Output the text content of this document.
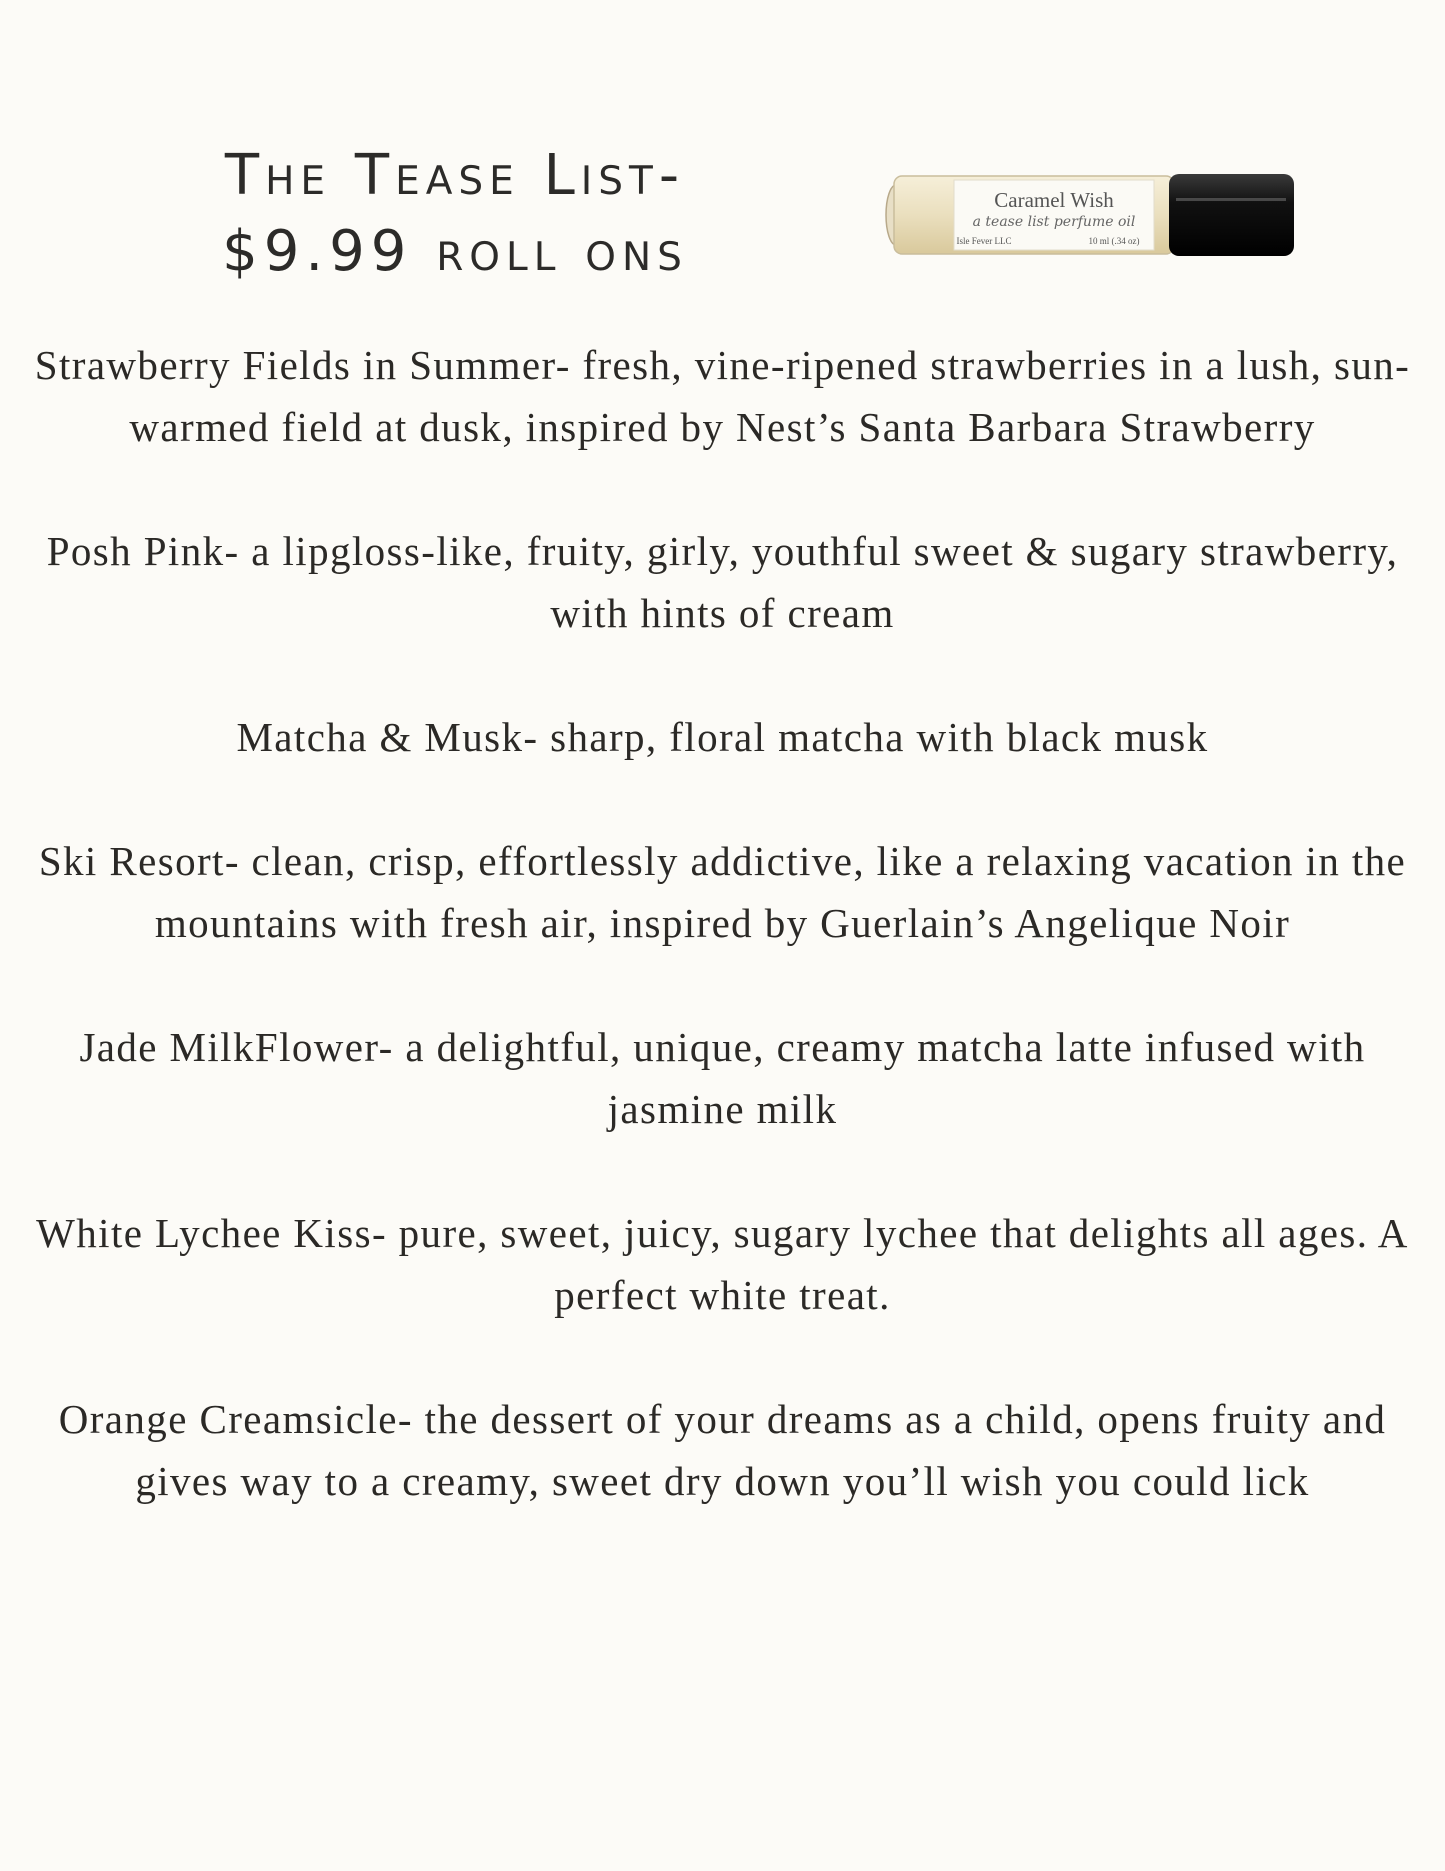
The Tease List-
$9.99 roll ons
Caramel Wish
a tease list perfume oil
Isle Fever LLC	10 ml (.34 oz)

Strawberry Fields in Summer- fresh, vine-ripened strawberries in a lush, sun-warmed field at dusk, inspired by Nest’s Santa Barbara Strawberry

Posh Pink- a lipgloss-like, fruity, girly, youthful sweet & sugary strawberry, with hints of cream

Matcha & Musk- sharp, floral matcha with black musk

Ski Resort- clean, crisp, effortlessly addictive, like a relaxing vacation in the mountains with fresh air, inspired by Guerlain’s Angelique Noir

Jade MilkFlower- a delightful, unique, creamy matcha latte infused with jasmine milk

White Lychee Kiss- pure, sweet, juicy, sugary lychee that delights all ages. A perfect white treat.

Orange Creamsicle- the dessert of your dreams as a child, opens fruity and gives way to a creamy, sweet dry down you’ll wish you could lick
